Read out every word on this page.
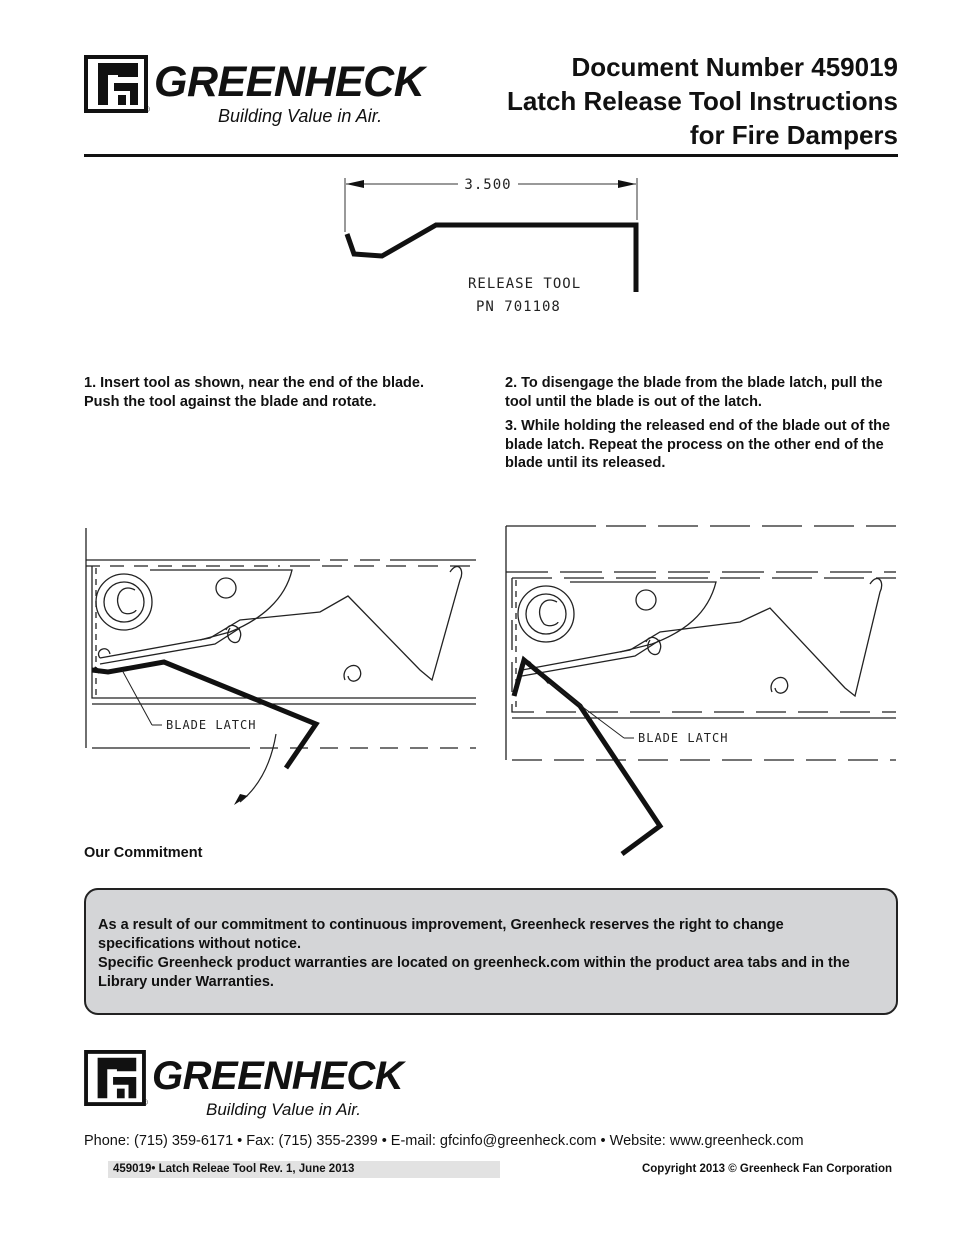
GREENHECK
®	Building Value in Air.
Document Number 459019
Latch Release Tool Instructions
for Fire Dampers
3.500
RELEASE TOOL
PN 701108
1. Insert tool as shown, near the end of the blade. Push the tool against the blade and rotate.
2. To disengage the blade from the blade latch, pull the tool until the blade is out of the latch.
3. While holding the released end of the blade out of the blade latch. Repeat the process on the other end of the blade until its released.
BLADE LATCH
BLADE LATCH
Our Commitment

As a result of our commitment to continuous improvement, Greenheck reserves the right to change specifications without notice.

Specific Greenheck product warranties are located on greenheck.com within the product area tabs and in the Library under Warranties.

GREENHECK
®	Building Value in Air.
Phone: (715) 359-6171 • Fax: (715) 355-2399 • E-mail: gfcinfo@greenheck.com • Website: www.greenheck.com
459019• Latch Releae Tool Rev. 1, June 2013	Copyright 2013 © Greenheck Fan Corporation
